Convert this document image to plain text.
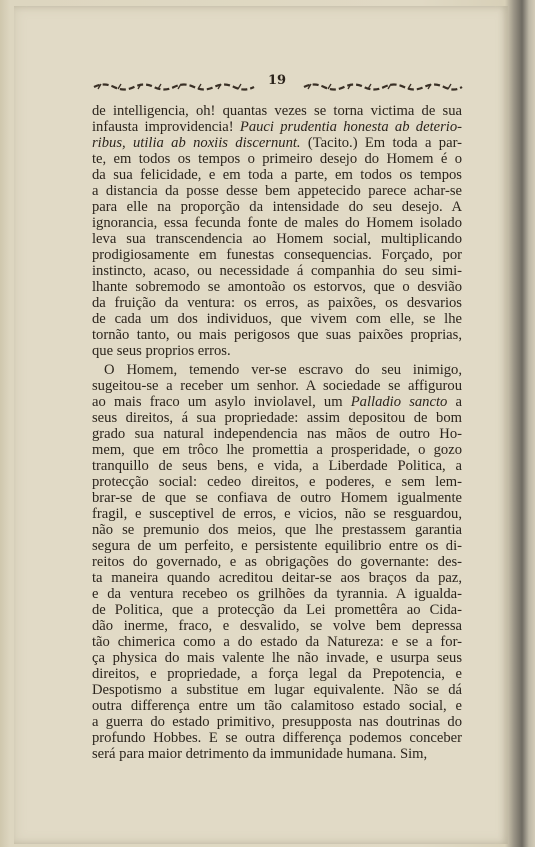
19
de intelligencia, oh! quantas vezes se torna victima de sua
infausta improvidencia! Pauci prudentia honesta ab deterio-
ribus, utilia ab noxiis discernunt. (Tacito.) Em toda a par-
te, em todos os tempos o primeiro desejo do Homem é o
da sua felicidade, e em toda a parte, em todos os tempos
a distancia da posse desse bem appetecido parece achar-se
para elle na proporção da intensidade do seu desejo. A
ignorancia, essa fecunda fonte de males do Homem isolado
leva sua transcendencia ao Homem social, multiplicando
prodigiosamente em funestas consequencias. Forçado, por
instincto, acaso, ou necessidade á companhia do seu simi-
lhante sobremodo se amontoão os estorvos, que o desvião
da fruição da ventura: os erros, as paixões, os desvarios
de cada um dos individuos, que vivem com elle, se lhe
tornão tanto, ou mais perigosos que suas paixões proprias,
que seus proprios erros.
O Homem, temendo ver-se escravo do seu inimigo,
sugeitou-se a receber um senhor. A sociedade se affigurou
ao mais fraco um asylo inviolavel, um Palladio sancto a
seus direitos, á sua propriedade: assim depositou de bom
grado sua natural independencia nas mãos de outro Ho-
mem, que em trôco lhe promettia a prosperidade, o gozo
tranquillo de seus bens, e vida, a Liberdade Politica, a
protecção social: cedeo direitos, e poderes, e sem lem-
brar-se de que se confiava de outro Homem igualmente
fragil, e susceptivel de erros, e vicios, não se resguardou,
não se premunio dos meios, que lhe prestassem garantia
segura de um perfeito, e persistente equilibrio entre os di-
reitos do governado, e as obrigações do governante: des-
ta maneira quando acreditou deitar-se aos braços da paz,
e da ventura recebeo os grilhões da tyrannia. A igualda-
de Politica, que a protecção da Lei promettêra ao Cida-
dão inerme, fraco, e desvalido, se volve bem depressa
tão chimerica como a do estado da Natureza: e se a for-
ça physica do mais valente lhe não invade, e usurpa seus
direitos, e propriedade, a força legal da Prepotencia, e
Despotismo a substitue em lugar equivalente. Não se dá
outra differença entre um tão calamitoso estado social, e
a guerra do estado primitivo, presupposta nas doutrinas do
profundo Hobbes. E se outra differença podemos conceber
será para maior detrimento da immunidade humana. Sim,
